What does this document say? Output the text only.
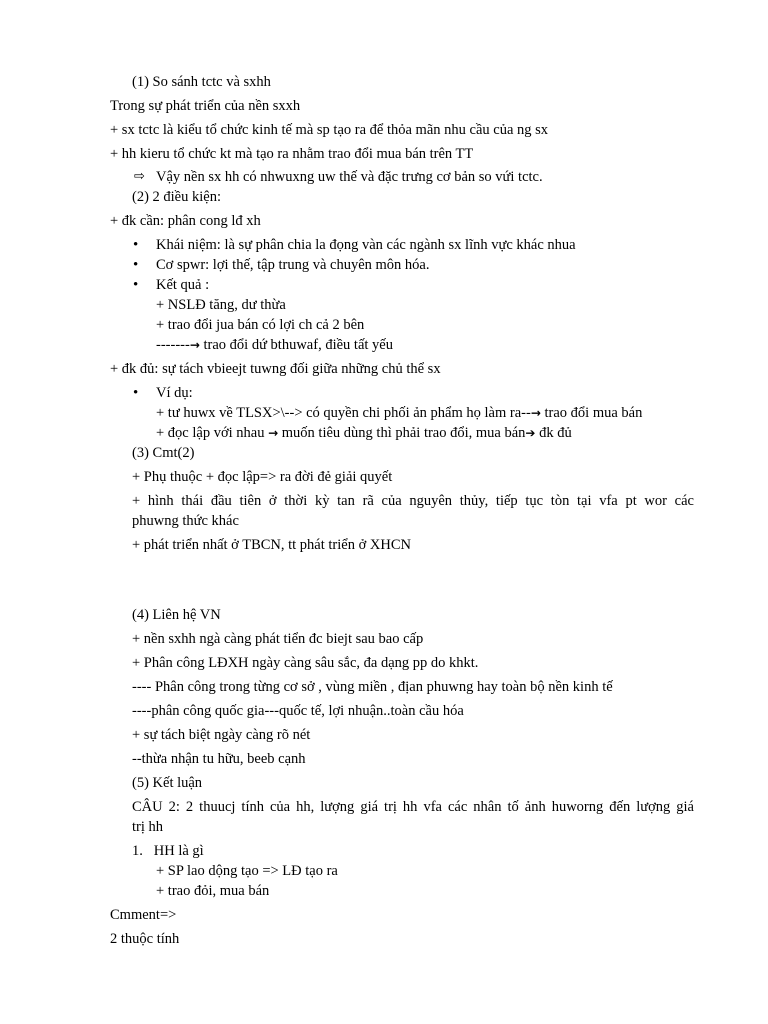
(1) So sánh tctc và sxhh
Trong sự phát triển của nền sxxh
+ sx tctc là kiểu tổ chức kinh tế mà sp tạo ra để thỏa mãn nhu cầu của ng sx
+ hh kieru tổ chức kt mà tạo ra nhằm trao đổi mua bán trên TT
⇨ Vậy nền sx hh có nhwuxng uw thế và đặc trưng cơ bản so vứi tctc.
(2) 2 điều kiện:
+ đk cần: phân cong lđ xh
• Khái niệm: là sự phân chia la đọng vàn các ngành sx lĩnh vực khác nhua
• Cơ spwr: lợi thế, tập trung và chuyên môn hóa.
• Kết quả :
+ NSLĐ tăng, dư thừa
+ trao đổi jua bán có lợi ch cả 2 bên
-------→ trao đổi dứ bthuwaf, điều tất yếu
+ đk đủ: sự tách vbieejt tuwng đối giữa những chủ thể sx
• Ví dụ:
+ tư huwx về TLSX>\--> có quyền chi phối ản phẩm họ làm ra--→ trao đổi mua bán
+ đọc lập với nhau → muốn tiêu dùng thì phải trao đổi, mua bán➔ đk đủ
(3) Cmt(2)
+ Phụ thuộc + đọc lập=> ra đời đẻ giải quyết
+ hình thái đầu tiên ở thời kỳ tan rã của nguyên thủy, tiếp tục tòn tại vfa pt wor các
phuwng thức khác
+ phát triển nhất ở TBCN, tt phát triển ở XHCN
(4) Liên hệ VN
+ nền sxhh ngà càng phát tiển đc biejt sau bao cấp
+ Phân công LĐXH ngày càng sâu sắc, đa dạng pp do khkt.
---- Phân công trong từng cơ sở , vùng miền , địan phuwng hay toàn bộ nền kinh tế
----phân công quốc gia---quốc tế, lợi nhuận..toàn cầu hóa
+ sự tách biệt ngày càng rõ nét
--thừa nhận tu hữu, beeb cạnh
(5) Kết luận
CÂU 2: 2 thuucj tính của hh, lượng giá trị hh vfa các nhân tố ảnh huworng đến lượng giá
trị hh
1.   HH là gì
+ SP lao dộng tạo => LĐ tạo ra
+ trao đỏi, mua bán
Cmment=>
2 thuộc tính
